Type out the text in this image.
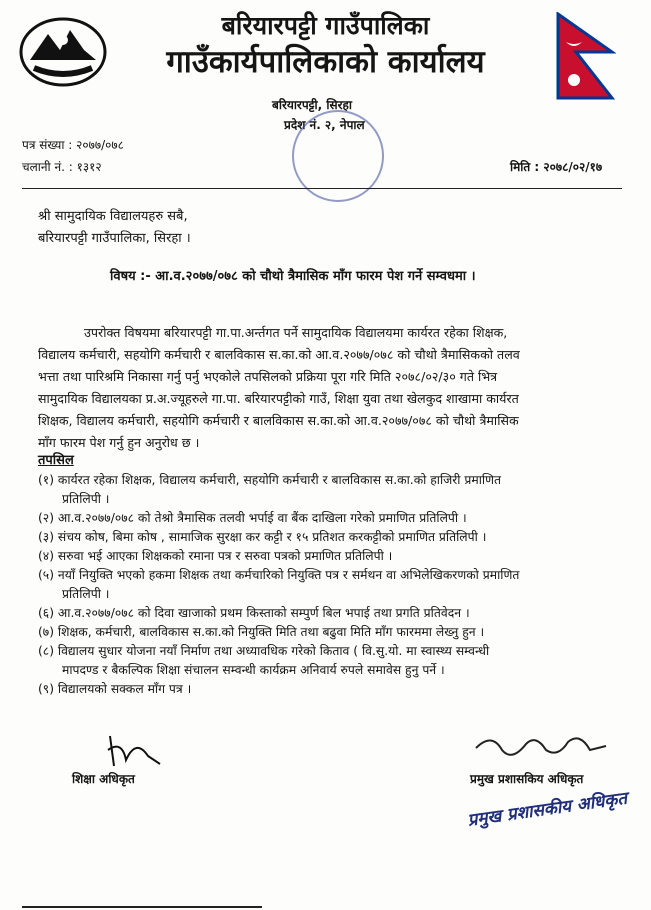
बरियारपट्टी गाउँपालिका
गाउँकार्यपालिकाको कार्यालय
बरियारपट्टी, सिरहा
प्रदेश नं. २, नेपाल
पत्र संख्या : २०७७/०७८
चलानी नं. : १३१२	मिति : २०७८/०२/१७
श्री सामुदायिक विद्यालयहरु सबै,
बरियारपट्टी गाउँपालिका, सिरहा ।
विषय :- आ.व.२०७७/०७८ को चौथो त्रैमासिक माँग फारम पेश गर्ने सम्वधमा ।
उपरोक्त विषयमा बरियारपट्टी गा.पा.अर्न्तगत पर्ने सामुदायिक विद्यालयमा कार्यरत रहेका शिक्षक,
विद्यालय कर्मचारी, सहयोगि कर्मचारी र बालविकास स.का.को आ.व.२०७७/०७८ को चौथो त्रैमासिकको तलव
भत्ता तथा पारिश्रमि निकासा गर्नु पर्नु भएकोले तपसिलको प्रक्रिया पूरा गरि मिति २०७८/०२/३० गते भित्र
सामुदायिक विद्यालयका प्र.अ.ज्यूहरुले गा.पा. बरियारपट्टीको गाउँ, शिक्षा युवा तथा खेलकुद शाखामा कार्यरत
शिक्षक, विद्यालय कर्मचारी, सहयोगि कर्मचारी र बालविकास स.का.को आ.व.२०७७/०७८ को चौथो त्रैमासिक
माँग फारम पेश गर्नु हुन अनुरोध छ ।
तपसिल
(१) कार्यरत रहेका शिक्षक, विद्यालय कर्मचारी, सहयोगि कर्मचारी र बालविकास स.का.को हाजिरी प्रमाणित
प्रतिलिपी ।
(२) आ.व.२०७७/०७८ को तेश्रो त्रैमासिक तलवी भर्पाई वा बैंक दाखिला गरेको प्रमाणित प्रतिलिपी ।
(३) संचय कोष, बिमा कोष , सामाजिक सुरक्षा कर कट्टी र १५ प्रतिशत करकट्टीको प्रमाणित प्रतिलिपी ।
(४) सरुवा भई आएका शिक्षकको रमाना पत्र र सरुवा पत्रको प्रमाणित प्रतिलिपी ।
(५) नयाँ नियुक्ति भएको हकमा शिक्षक तथा कर्मचारिको नियुक्ति पत्र र सर्मथन वा अभिलेखिकरणको प्रमाणित
प्रतिलिपी ।
(६) आ.व.२०७७/०७८ को दिवा खाजाको प्रथम किस्ताको सम्पुर्ण बिल भपाई तथा प्रगति प्रतिवेदन ।
(७) शिक्षक, कर्मचारी, बालविकास स.का.को नियुक्ति मिति तथा बढुवा मिति माँग फारममा लेख्नु हुन ।
(८) विद्यालय सुधार योजना नयाँ निर्माण तथा अध्यावधिक गरेको किताव ( वि.सु.यो. मा स्वास्थ्य सम्वन्धी
मापदण्ड र बैकल्पिक शिक्षा संचालन सम्वन्धी कार्यक्रम अनिवार्य रुपले समावेस हुनु पर्ने ।
(९) विद्यालयको सक्कल माँग पत्र ।
शिक्षा अधिकृत	प्रमुख प्रशासकिय अधिकृत
प्रमुख प्रशासकीय अधिकृत
